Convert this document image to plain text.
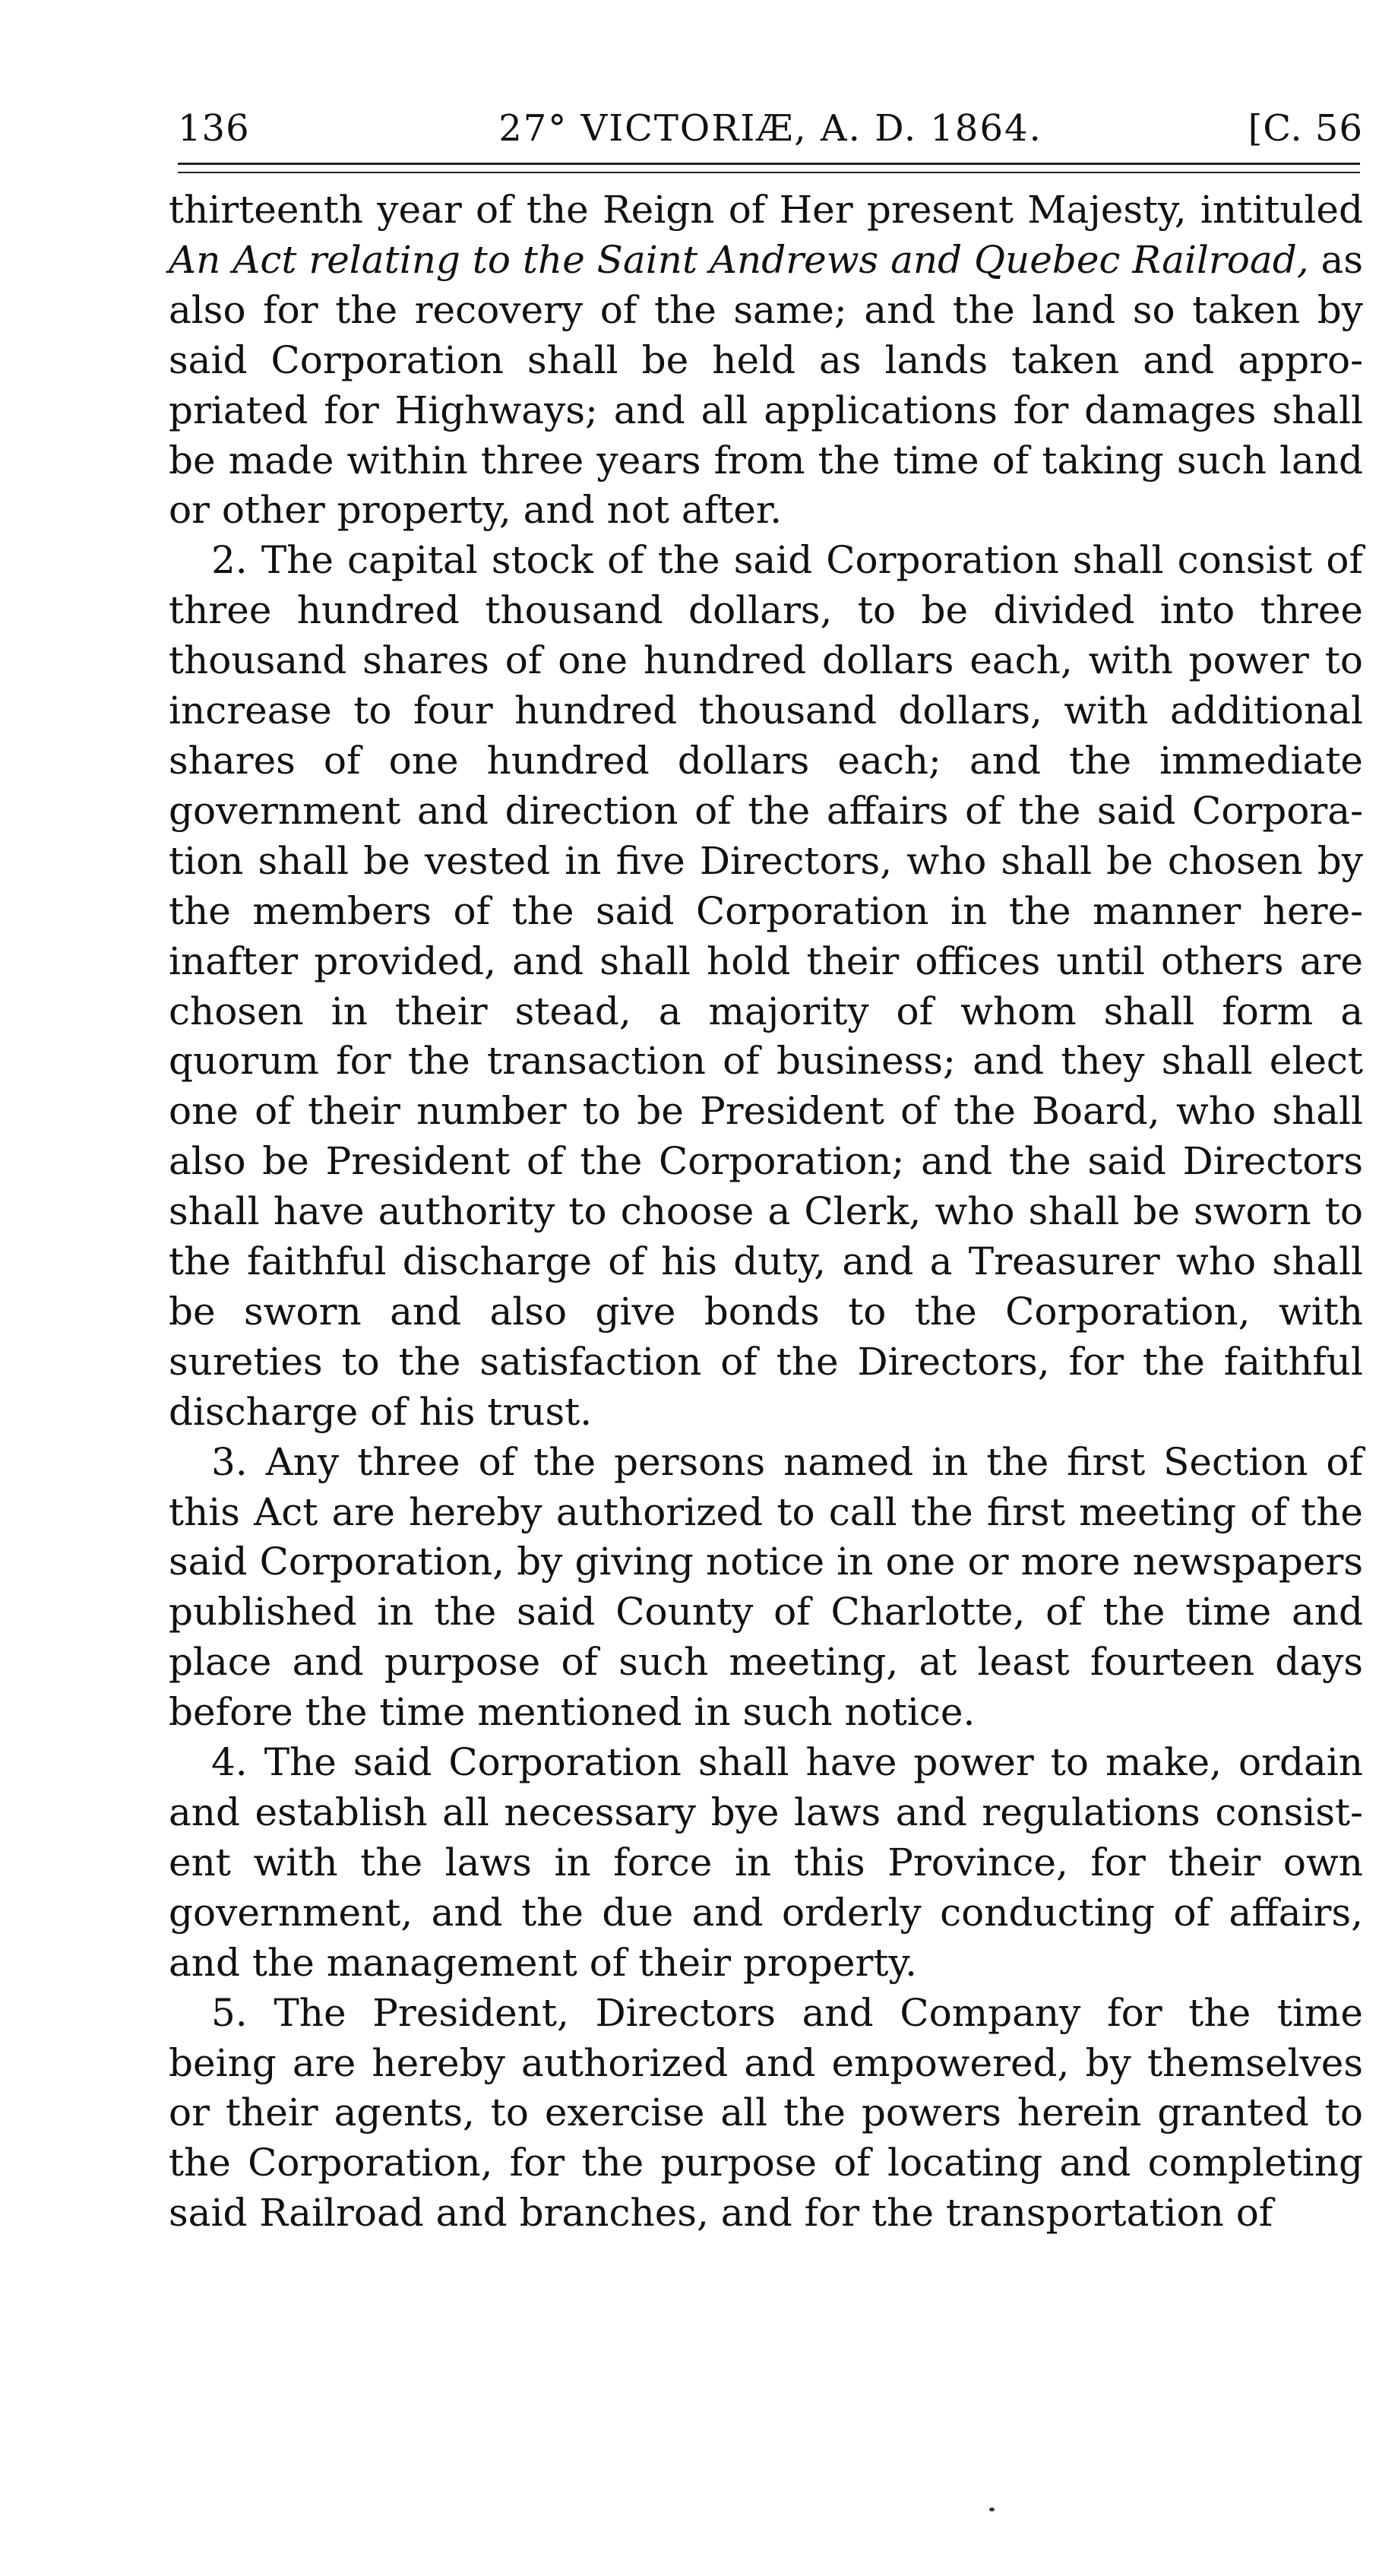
136	27° VICTORIÆ, A. D. 1864.	[C. 56

thirteenth year of the Reign of Her present Majesty, intituled An Act relating to the Saint Andrews and Quebec Railroad, as also for the recovery of the same; and the land so taken by said Corporation shall be held as lands taken and appropriated for Highways; and all applications for damages shall be made within three years from the time of taking such land or other property, and not after.

2. The capital stock of the said Corporation shall consist of three hundred thousand dollars, to be divided into three thousand shares of one hundred dollars each, with power to increase to four hundred thousand dollars, with additional shares of one hundred dollars each; and the immediate government and direction of the affairs of the said Corporation shall be vested in five Directors, who shall be chosen by the members of the said Corporation in the manner hereinafter provided, and shall hold their offices until others are chosen in their stead, a majority of whom shall form a quorum for the transaction of business; and they shall elect one of their number to be President of the Board, who shall also be President of the Corporation; and the said Directors shall have authority to choose a Clerk, who shall be sworn to the faithful discharge of his duty, and a Treasurer who shall be sworn and also give bonds to the Corporation, with sureties to the satisfaction of the Directors, for the faithful discharge of his trust.

3. Any three of the persons named in the first Section of this Act are hereby authorized to call the first meeting of the said Corporation, by giving notice in one or more newspapers published in the said County of Charlotte, of the time and place and purpose of such meeting, at least fourteen days before the time mentioned in such notice.

4. The said Corporation shall have power to make, ordain and establish all necessary bye laws and regulations consistent with the laws in force in this Province, for their own government, and the due and orderly conducting of affairs, and the management of their property.

5. The President, Directors and Company for the time being are hereby authorized and empowered, by themselves or their agents, to exercise all the powers herein granted to the Corporation, for the purpose of locating and completing said Railroad and branches, and for the transportation of
